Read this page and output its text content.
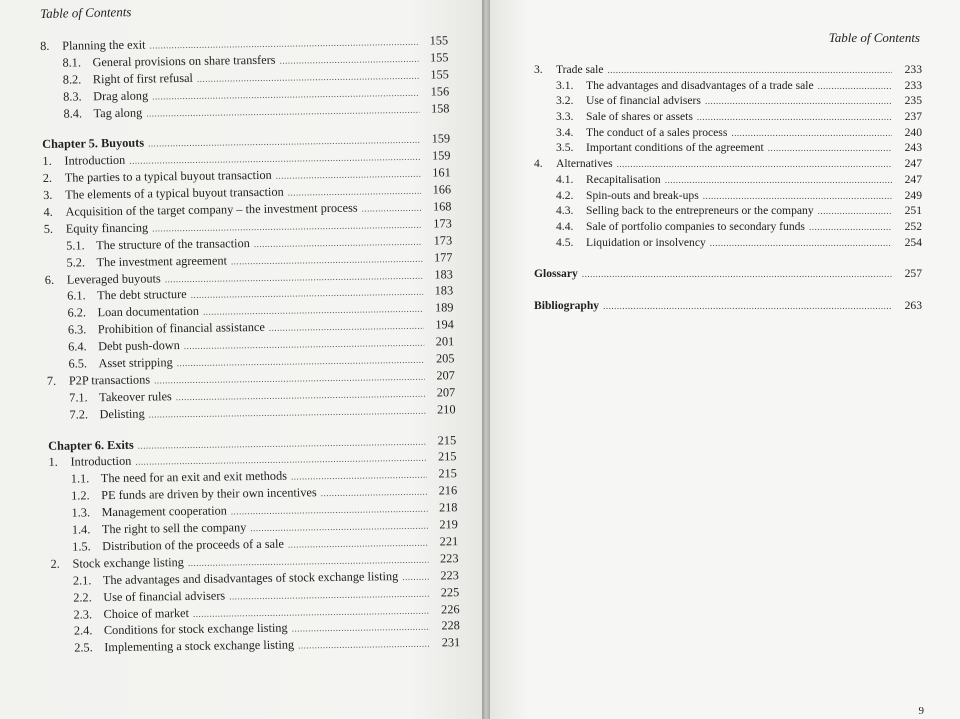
Table of Contents
8.	Planning the exit .....	155
8.1. General provisions on share transfers .....	155
8.2. Right of first refusal .....	155
8.3. Drag along .....	156
8.4. Tag along .....	158
Chapter 5. Buyouts .....	159
1.	Introduction .....	159
2.	The parties to a typical buyout transaction .....	161
3.	The elements of a typical buyout transaction .....	166
4.	Acquisition of the target company – the investment process .....	168
5.	Equity financing .....	173
5.1. The structure of the transaction .....	173
5.2. The investment agreement .....	177
6.	Leveraged buyouts .....	183
6.1. The debt structure .....	183
6.2. Loan documentation .....	189
6.3. Prohibition of financial assistance .....	194
6.4. Debt push-down .....	201
6.5. Asset stripping .....	205
7.	P2P transactions .....	207
7.1. Takeover rules .....	207
7.2. Delisting .....	210
Chapter 6. Exits .....	215
1.	Introduction .....	215
1.1. The need for an exit and exit methods .....	215
1.2. PE funds are driven by their own incentives .....	216
1.3. Management cooperation .....	218
1.4. The right to sell the company .....	219
1.5. Distribution of the proceeds of a sale .....	221
2.	Stock exchange listing .....	223
2.1. The advantages and disadvantages of stock exchange listing .....	223
2.2. Use of financial advisers .....	225
2.3. Choice of market .....	226
2.4. Conditions for stock exchange listing .....	228
2.5. Implementing a stock exchange listing .....	231
Table of Contents
3.	Trade sale .....	233
3.1.	The advantages and disadvantages of a trade sale .....	233
3.2.	Use of financial advisers .....	235
3.3.	Sale of shares or assets .....	237
3.4.	The conduct of a sales process .....	240
3.5.	Important conditions of the agreement .....	243
4.	Alternatives .....	247
4.1.	Recapitalisation .....	247
4.2.	Spin-outs and break-ups .....	249
4.3.	Selling back to the entrepreneurs or the company .....	251
4.4.	Sale of portfolio companies to secondary funds .....	252
4.5.	Liquidation or insolvency .....	254
Glossary .....	257
Bibliography .....	263
9
